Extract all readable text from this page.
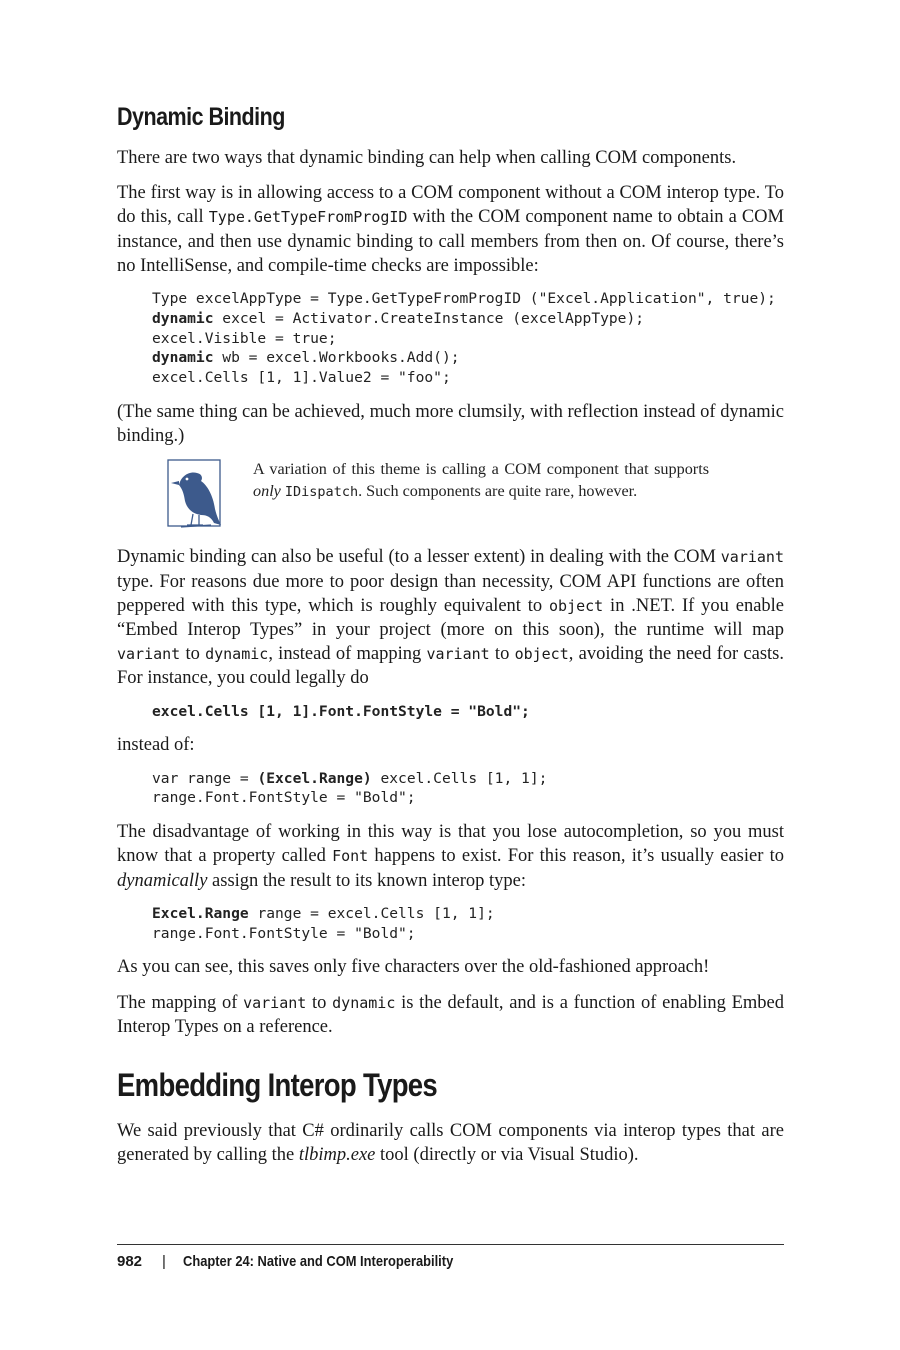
Dynamic Binding

There are two ways that dynamic binding can help when calling COM components.

The first way is in allowing access to a COM component without a COM interop type. To do this, call Type.GetTypeFromProgID with the COM component name to obtain a COM instance, and then use dynamic binding to call members from then on. Of course, there’s no IntelliSense, and compile-time checks are impossible:

Type excelAppType = Type.GetTypeFromProgID ("Excel.Application", true);
dynamic excel = Activator.CreateInstance (excelAppType);
excel.Visible = true;
dynamic wb = excel.Workbooks.Add();
excel.Cells [1, 1].Value2 = "foo";

(The same thing can be achieved, much more clumsily, with reflection instead of dynamic binding.)

A variation of this theme is calling a COM component that supports only IDispatch. Such components are quite rare, however.

Dynamic binding can also be useful (to a lesser extent) in dealing with the COM variant type. For reasons due more to poor design than necessity, COM API functions are often peppered with this type, which is roughly equivalent to object in .NET. If you enable “Embed Interop Types” in your project (more on this soon), the runtime will map variant to dynamic, instead of mapping variant to object, avoiding the need for casts. For instance, you could legally do

excel.Cells [1, 1].Font.FontStyle = "Bold";

instead of:

var range = (Excel.Range) excel.Cells [1, 1];
range.Font.FontStyle = "Bold";

The disadvantage of working in this way is that you lose autocompletion, so you must know that a property called Font happens to exist. For this reason, it’s usually easier to dynamically assign the result to its known interop type:

Excel.Range range = excel.Cells [1, 1];
range.Font.FontStyle = "Bold";

As you can see, this saves only five characters over the old-fashioned approach!

The mapping of variant to dynamic is the default, and is a function of enabling Embed Interop Types on a reference.

Embedding Interop Types

We said previously that C# ordinarily calls COM components via interop types that are generated by calling the tlbimp.exe tool (directly or via Visual Studio).

982 | Chapter 24: Native and COM Interoperability
